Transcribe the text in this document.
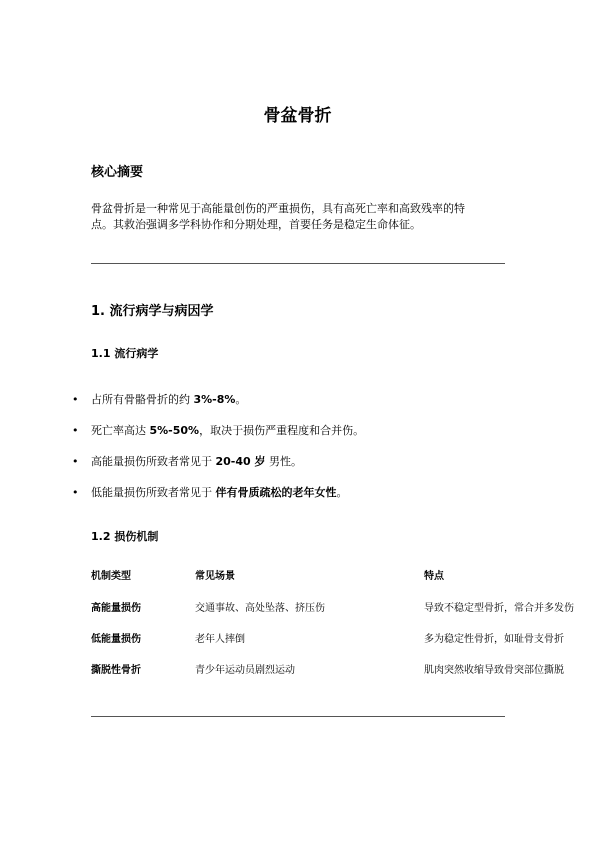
骨盆骨折
核心摘要
骨盆骨折是一种常见于高能量创伤的严重损伤，具有高死亡率和高致残率的特
点。其救治强调多学科协作和分期处理，首要任务是稳定生命体征。
1. 流行病学与病因学
1.1 流行病学
• 占所有骨骼骨折的约 3%-8%。
• 死亡率高达 5%-50%，取决于损伤严重程度和合并伤。
• 高能量损伤所致者常见于 20-40 岁 男性。
• 低能量损伤所致者常见于 伴有骨质疏松的老年女性。
1.2 损伤机制
机制类型	常见场景	特点
高能量损伤	交通事故、高处坠落、挤压伤	导致不稳定型骨折，常合并多发伤
低能量损伤	老年人摔倒	多为稳定性骨折，如耻骨支骨折
撕脱性骨折	青少年运动员剧烈运动	肌肉突然收缩导致骨突部位撕脱
